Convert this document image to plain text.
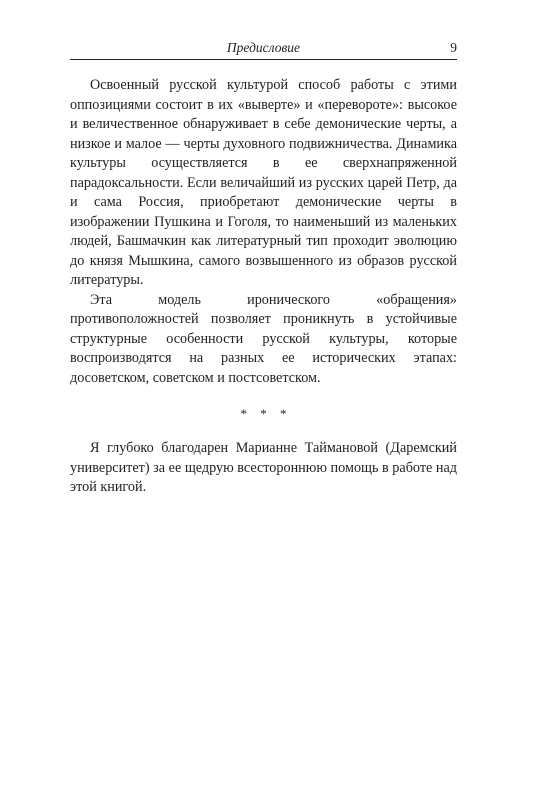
Предисловие	9

Освоенный русской культурой способ работы с этими оппозициями состоит в их «выверте» и «перевороте»: высокое и величественное обнаруживает в себе демонические черты, а низкое и малое — черты духовного подвижничества. Динамика культуры осуществляется в ее сверхнапряженной парадоксальности. Если величайший из русских царей Петр, да и сама Россия, приобретают демонические черты в изображении Пушкина и Гоголя, то наименьший из маленьких людей, Башмачкин как литературный тип проходит эволюцию до князя Мышкина, самого возвышенного из образов русской литературы.

Эта модель иронического «обращения» противоположностей позволяет проникнуть в устойчивые структурные особенности русской культуры, которые воспроизводятся на разных ее исторических этапах: досоветском, советском и постсоветском.

* * *

Я глубоко благодарен Марианне Таймановой (Даремский университет) за ее щедрую всестороннюю помощь в работе над этой книгой.
